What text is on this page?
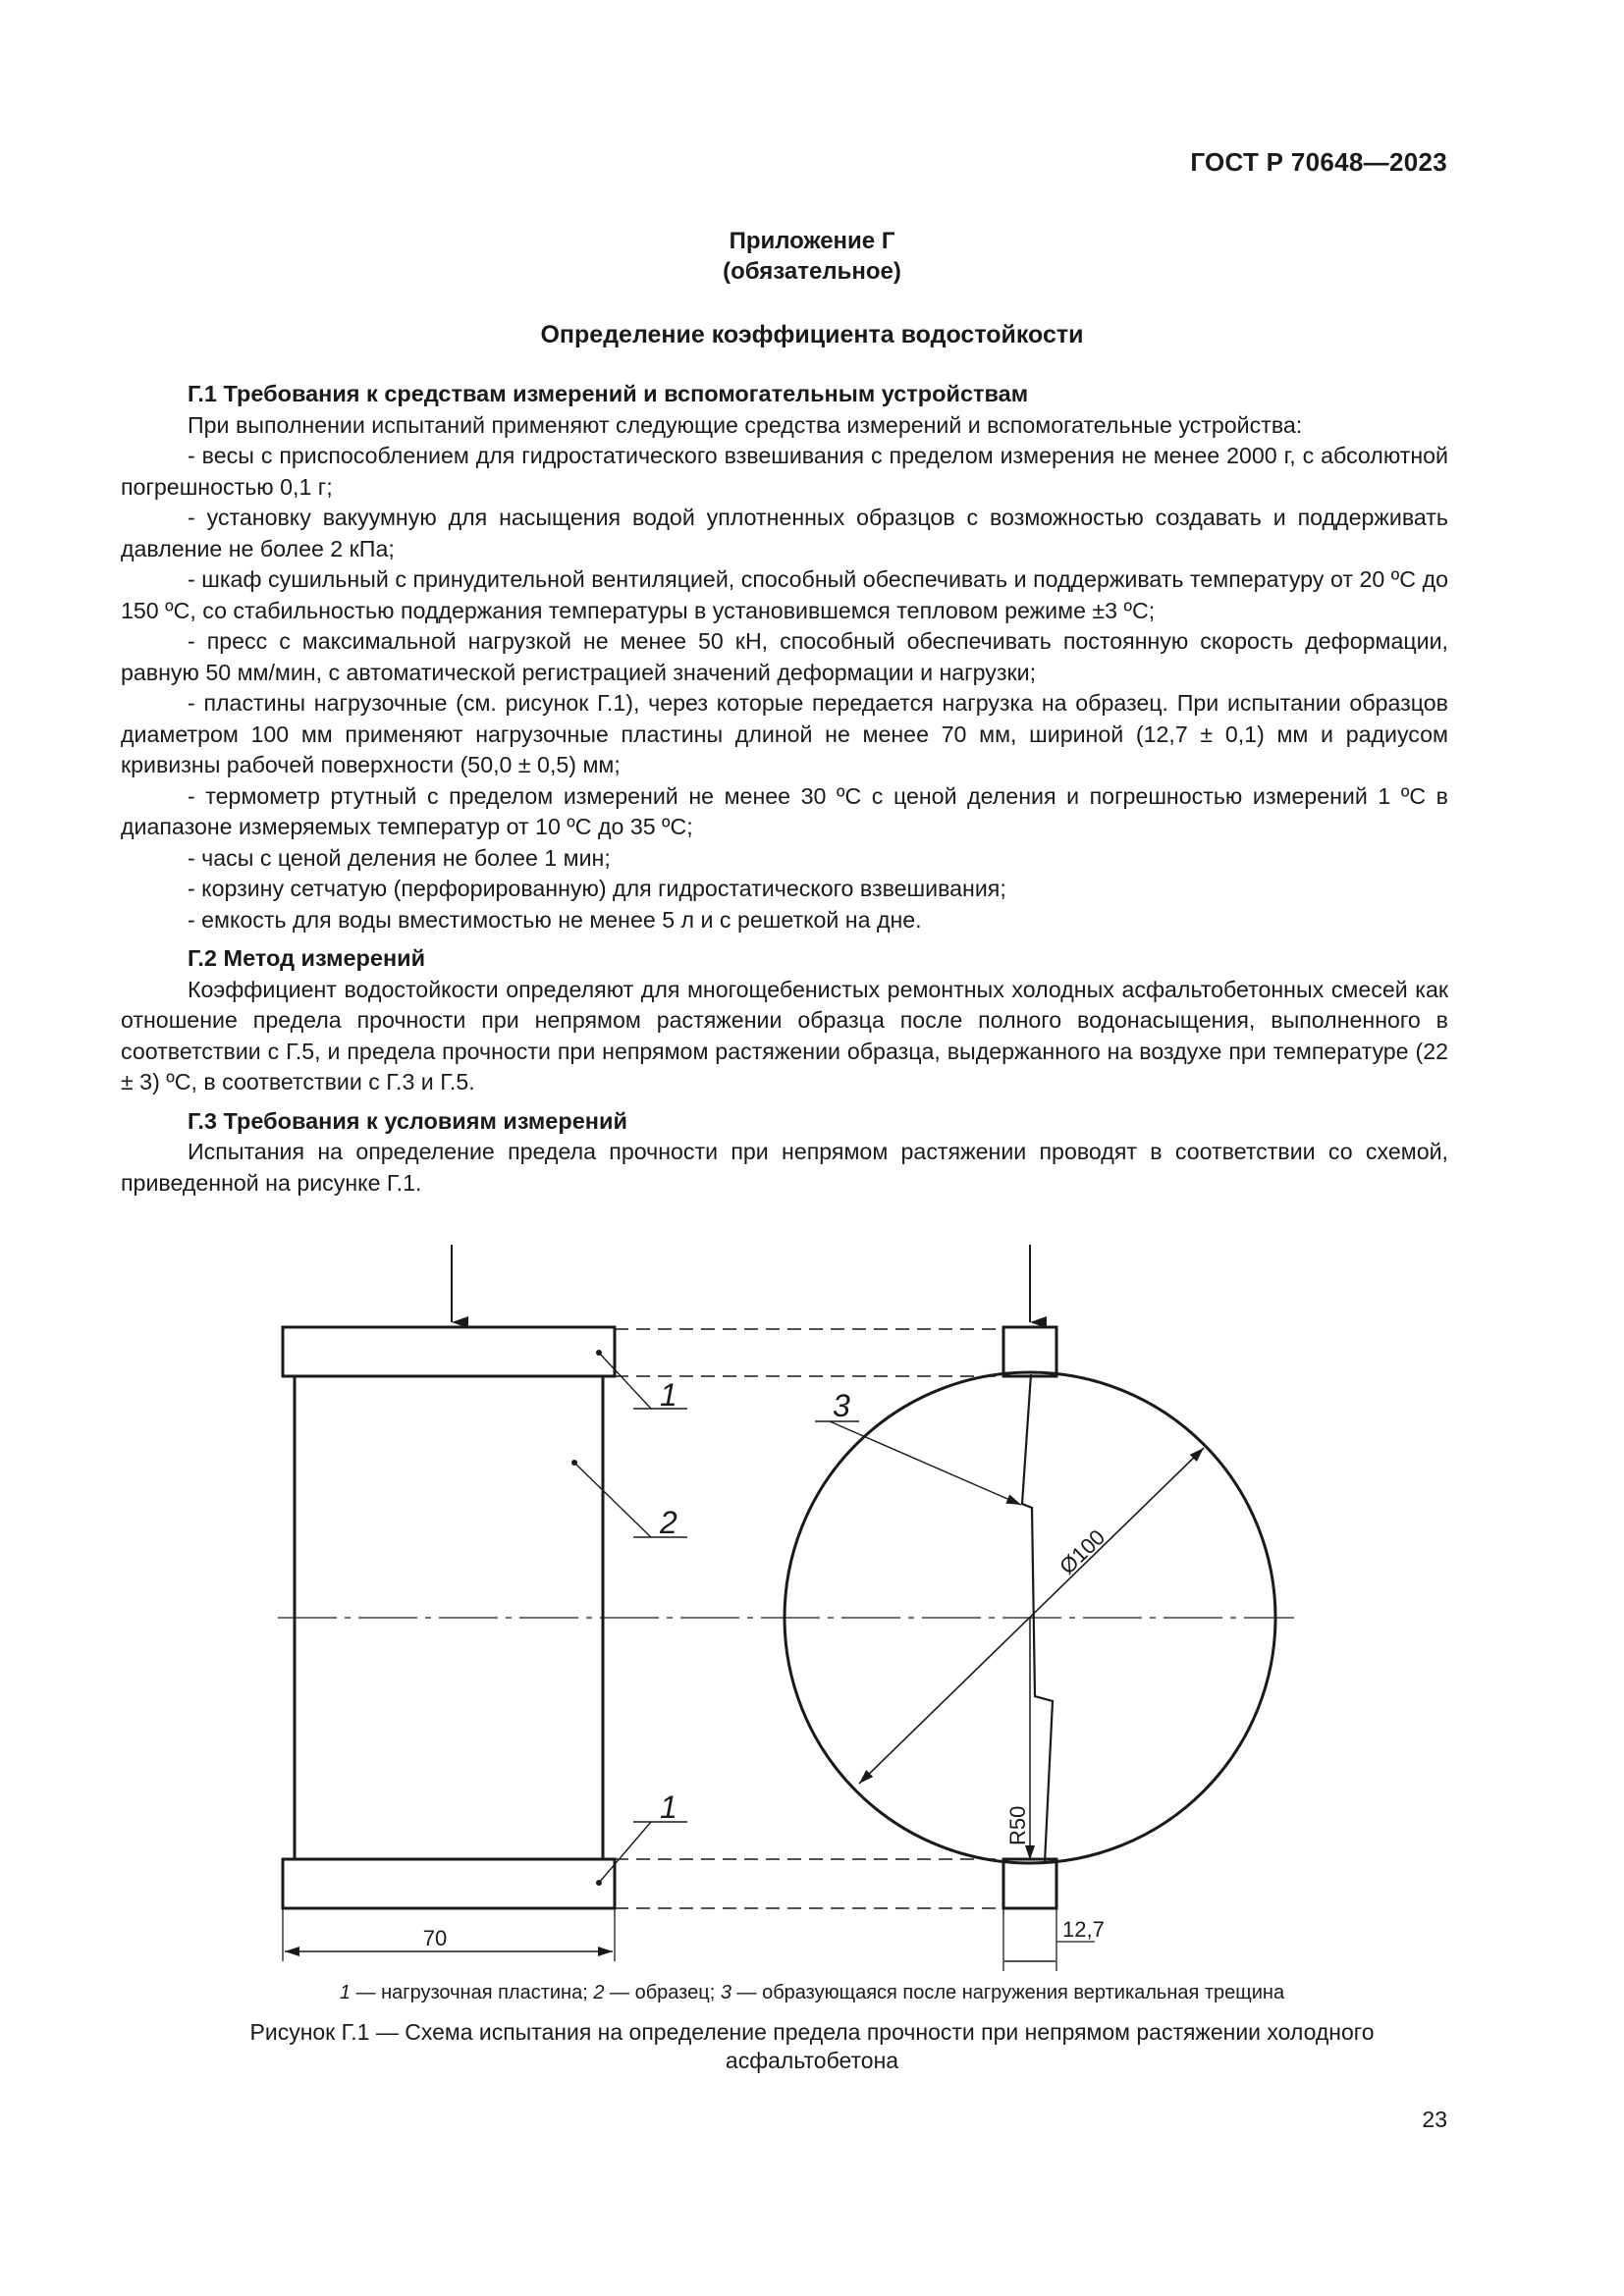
ГОСТ Р 70648—2023
Приложение Г
(обязательное)
Определение коэффициента водостойкости
Г.1 Требования к средствам измерений и вспомогательным устройствам

При выполнении испытаний применяют следующие средства измерений и вспомогательные устройства:

- весы с приспособлением для гидростатического взвешивания с пределом измерения не менее 2000 г, с абсолютной погрешностью 0,1 г;

- установку вакуумную для насыщения водой уплотненных образцов с возможностью создавать и поддерживать давление не более 2 кПа;

- шкаф сушильный с принудительной вентиляцией, способный обеспечивать и поддерживать температуру от 20 ºС до 150 ºС, со стабильностью поддержания температуры в установившемся тепловом режиме ±3 ºС;

- пресс с максимальной нагрузкой не менее 50 кН, способный обеспечивать постоянную скорость деформации, равную 50 мм/мин, с автоматической регистрацией значений деформации и нагрузки;

- пластины нагрузочные (см. рисунок Г.1), через которые передается нагрузка на образец. При испытании образцов диаметром 100 мм применяют нагрузочные пластины длиной не менее 70 мм, шириной (12,7 ± 0,1) мм и радиусом кривизны рабочей поверхности (50,0 ± 0,5) мм;

- термометр ртутный с пределом измерений не менее 30 ºС с ценой деления и погрешностью измерений 1 ºС в диапазоне измеряемых температур от 10 ºС до 35 ºС;

- часы с ценой деления не более 1 мин;

- корзину сетчатую (перфорированную) для гидростатического взвешивания;

- емкость для воды вместимостью не менее 5 л и с решеткой на дне.

Г.2 Метод измерений

Коэффициент водостойкости определяют для многощебенистых ремонтных холодных асфальтобетонных смесей как отношение предела прочности при непрямом растяжении образца после полного водонасыщения, выполненного в соответствии с Г.5, и предела прочности при непрямом растяжении образца, выдержанного на воздухе при температуре (22 ± 3) ºС, в соответствии с Г.3 и Г.5.

Г.3 Требования к условиям измерений

Испытания на определение предела прочности при непрямом растяжении проводят в соответствии со схемой, приведенной на рисунке Г.1.

1
2
1
3
Ø100
R50
70	12,7
1 — нагрузочная пластина; 2 — образец; 3 — образующаяся после нагружения вертикальная трещина
Рисунок Г.1 — Схема испытания на определение предела прочности при непрямом растяжении холодного
асфальтобетона
23
